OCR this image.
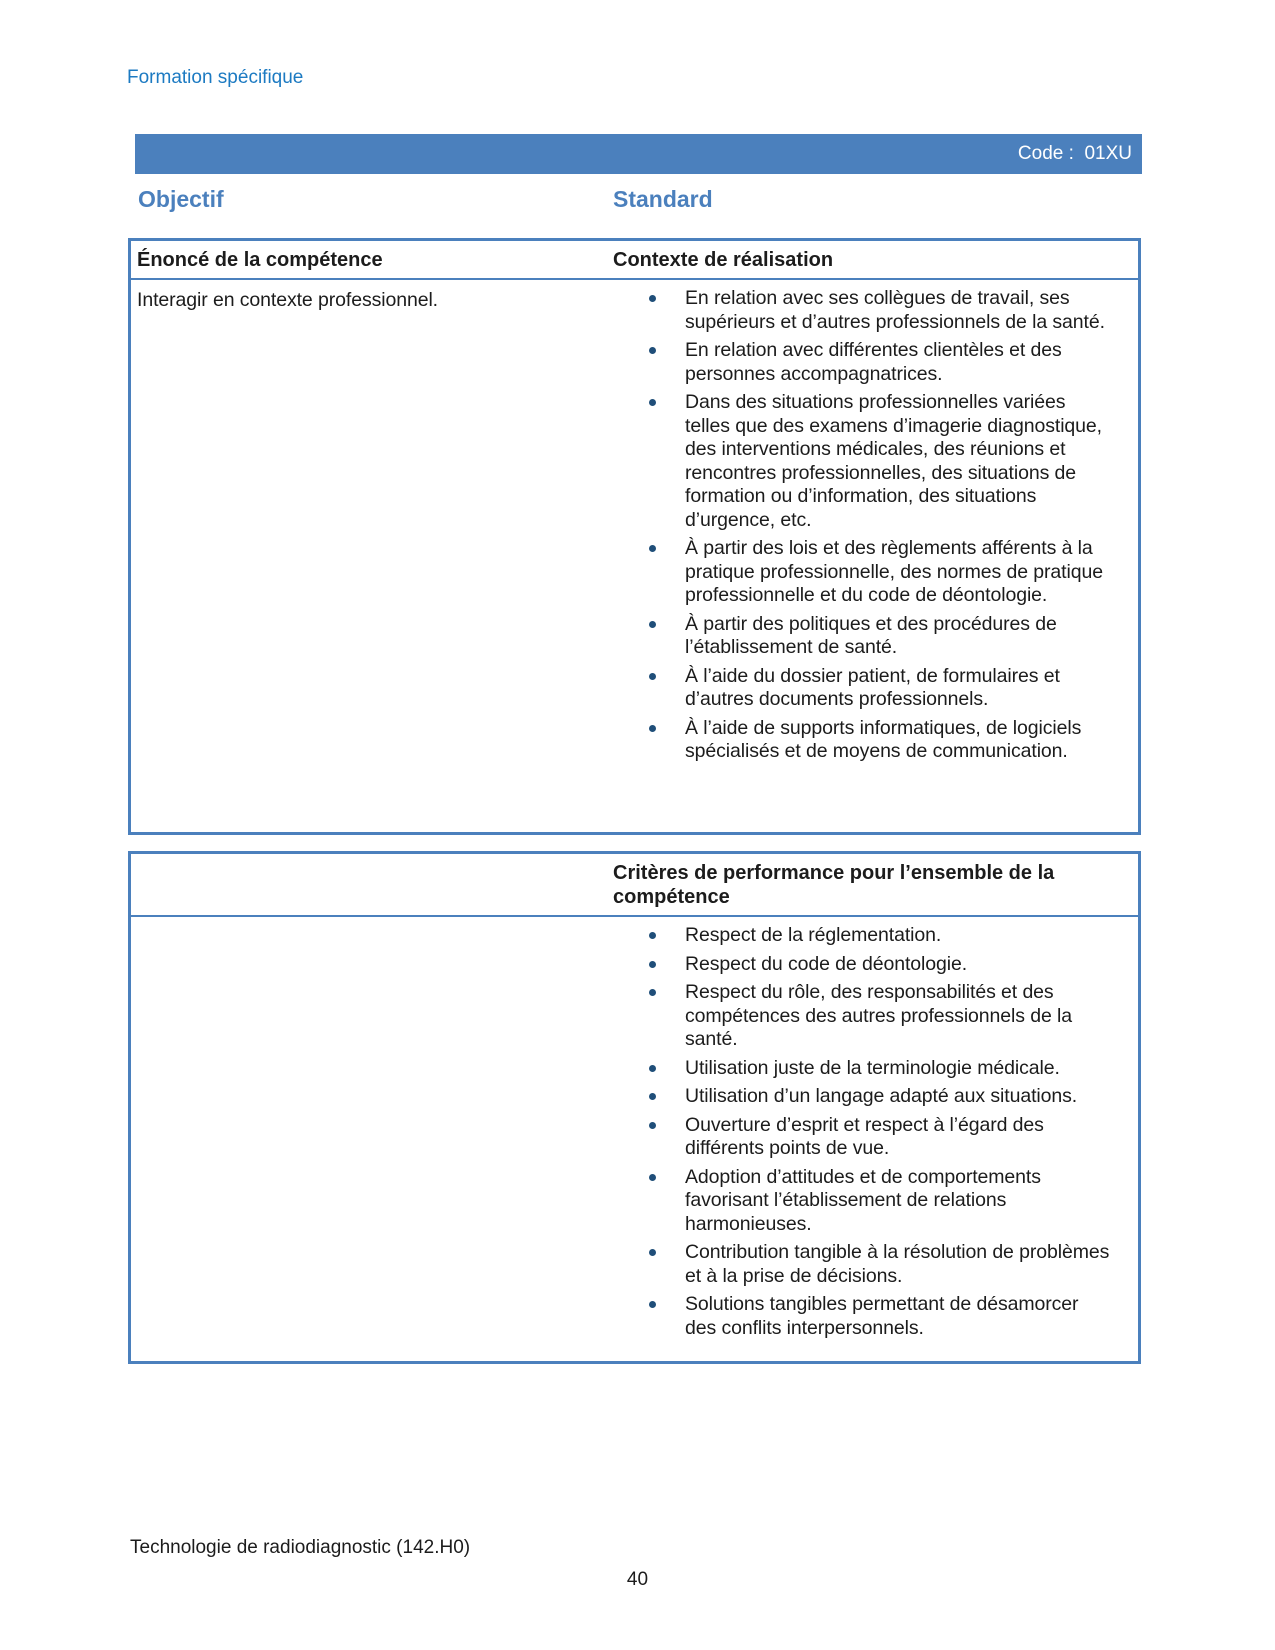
Formation spécifique
Code :  01XU
Objectif	Standard
Énoncé de la compétence	Contexte de réalisation
Interagir en contexte professionnel.	En relation avec ses collègues de travail, ses supérieurs et d’autres professionnels de la santé.
En relation avec différentes clientèles et des personnes accompagnatrices.
Dans des situations professionnelles variées telles que des examens d’imagerie diagnostique, des interventions médicales, des réunions et rencontres professionnelles, des situations de formation ou d’information, des situations d’urgence, etc.
À partir des lois et des règlements afférents à la pratique professionnelle, des normes de pratique professionnelle et du code de déontologie.
À partir des politiques et des procédures de l’établissement de santé.
À l’aide du dossier patient, de formulaires et d’autres documents professionnels.
À l’aide de supports informatiques, de logiciels spécialisés et de moyens de communication.
Critères de performance pour l’ensemble de la compétence
Respect de la réglementation.
Respect du code de déontologie.
Respect du rôle, des responsabilités et des compétences des autres professionnels de la santé.
Utilisation juste de la terminologie médicale.
Utilisation d’un langage adapté aux situations.
Ouverture d’esprit et respect à l’égard des différents points de vue.
Adoption d’attitudes et de comportements favorisant l’établissement de relations harmonieuses.
Contribution tangible à la résolution de problèmes et à la prise de décisions.
Solutions tangibles permettant de désamorcer des conflits interpersonnels.
Technologie de radiodiagnostic (142.H0)
40
